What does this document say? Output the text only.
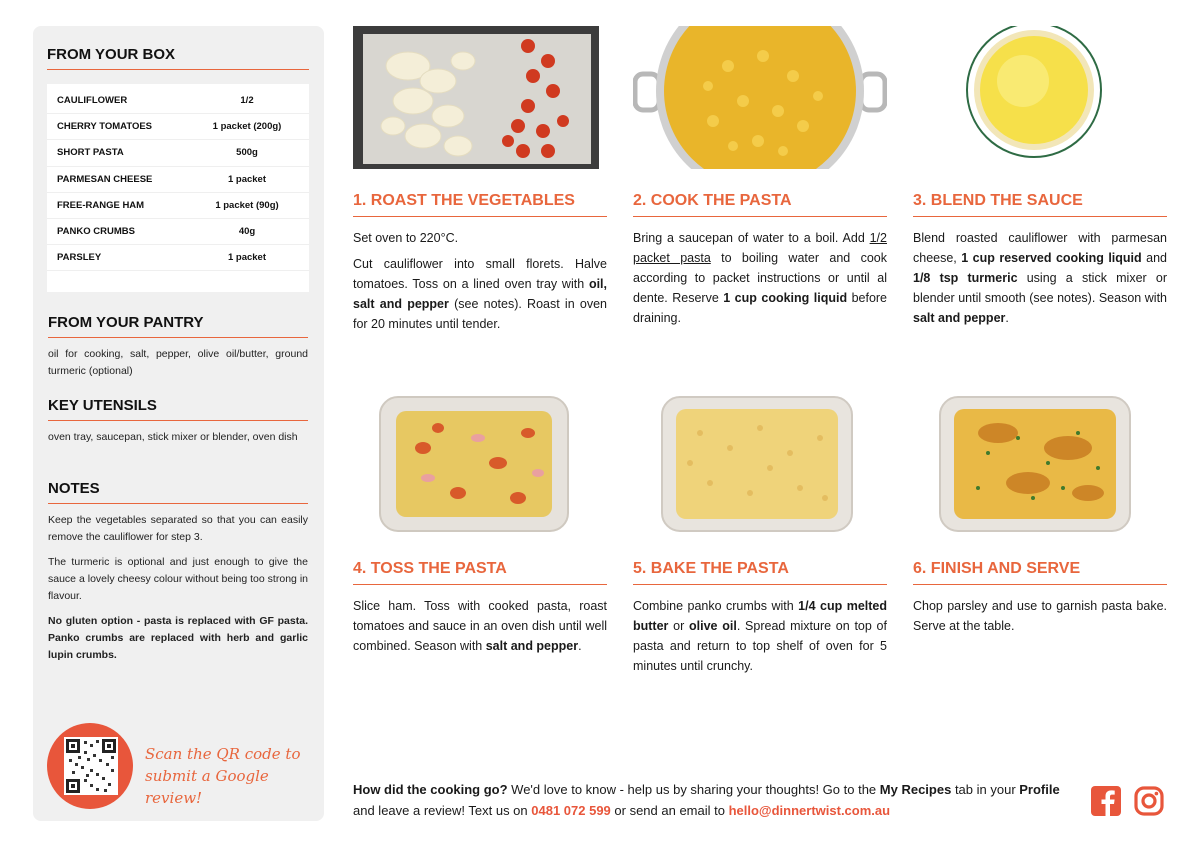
FROM YOUR BOX
CAULIFLOWER	1/2
CHERRY TOMATOES	1 packet (200g)
SHORT PASTA	500g
PARMESAN CHEESE	1 packet
FREE-RANGE HAM	1 packet (90g)
PANKO CRUMBS	40g
PARSLEY	1 packet
FROM YOUR PANTRY
oil for cooking, salt, pepper, olive oil/butter, ground turmeric (optional)
KEY UTENSILS
oven tray, saucepan, stick mixer or blender, oven dish
NOTES
Keep the vegetables separated so that you can easily remove the cauliflower for step 3.
The turmeric is optional and just enough to give the sauce a lovely cheesy colour without being too strong in flavour.
No gluten option - pasta is replaced with GF pasta. Panko crumbs are replaced with herb and garlic lupin crumbs.
Scan the QR code to
submit a Google review!
1. ROAST THE VEGETABLES

Set oven to 220°C.

Cut cauliflower into small florets. Halve tomatoes. Toss on a lined oven tray with oil, salt and pepper (see notes). Roast in oven for 20 minutes until tender.

2. COOK THE PASTA

Bring a saucepan of water to a boil. Add 1/2 packet pasta to boiling water and cook according to packet instructions or until al dente. Reserve 1 cup cooking liquid before draining.

3. BLEND THE SAUCE

Blend roasted cauliflower with parmesan cheese, 1 cup reserved cooking liquid and 1/8 tsp turmeric using a stick mixer or blender until smooth (see notes). Season with salt and pepper.

4. TOSS THE PASTA

Slice ham. Toss with cooked pasta, roast tomatoes and sauce in an oven dish until well combined. Season with salt and pepper.

5. BAKE THE PASTA

Combine panko crumbs with 1/4 cup melted butter or olive oil. Spread mixture on top of pasta and return to top shelf of oven for 5 minutes until crunchy.

6. FINISH AND SERVE

Chop parsley and use to garnish pasta bake. Serve at the table.

How did the cooking go? We'd love to know - help us by sharing your thoughts! Go to the My Recipes tab in your Profile and leave a review! Text us on 0481 072 599 or send an email to hello@dinnertwist.com.au
